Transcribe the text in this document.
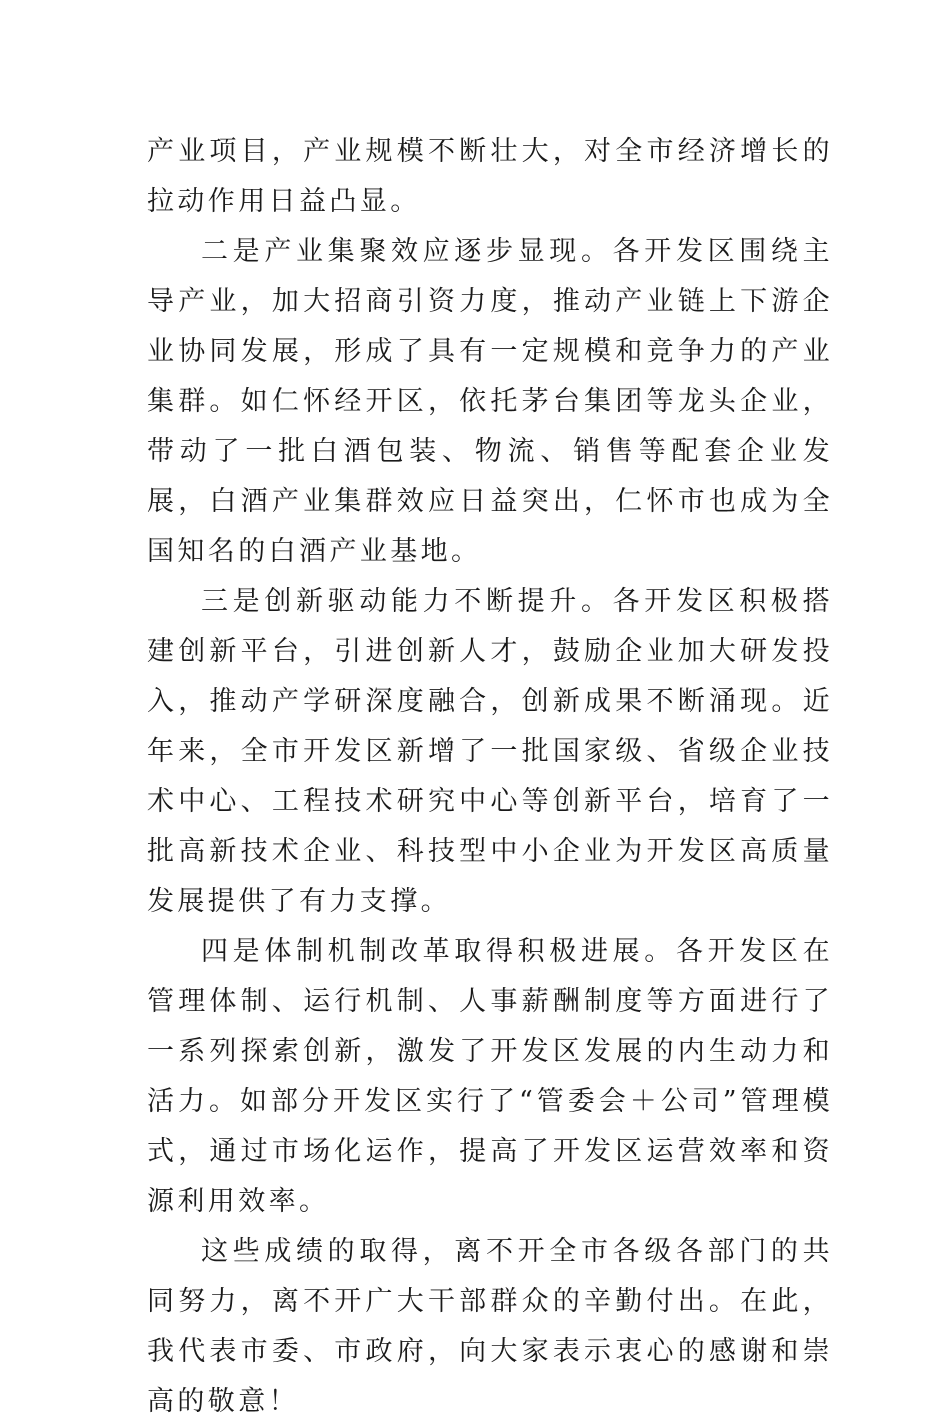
产业项目，产业规模不断壮大，对全市经济增长的拉动作用日益凸显。

二是产业集聚效应逐步显现。各开发区围绕主导产业，加大招商引资力度，推动产业链上下游企业协同发展，形成了具有一定规模和竞争力的产业集群。如仁怀经开区，依托茅台集团等龙头企业，带动了一批白酒包装、物流、销售等配套企业发展，白酒产业集群效应日益突出，仁怀市也成为全国知名的白酒产业基地。

三是创新驱动能力不断提升。各开发区积极搭建创新平台，引进创新人才，鼓励企业加大研发投入，推动产学研深度融合，创新成果不断涌现。近年来，全市开发区新增了一批国家级、省级企业技术中心、工程技术研究中心等创新平台，培育了一批高新技术企业、科技型中小企业为开发区高质量发展提供了有力支撑。

四是体制机制改革取得积极进展。各开发区在管理体制、运行机制、人事薪酬制度等方面进行了一系列探索创新，激发了开发区发展的内生动力和活力。如部分开发区实行了“管委会＋公司”管理模式，通过市场化运作，提高了开发区运营效率和资源利用效率。

这些成绩的取得，离不开全市各级各部门的共同努力，离不开广大干部群众的辛勤付出。在此，我代表市委、市政府，向大家表示衷心的感谢和崇高的敬意！
